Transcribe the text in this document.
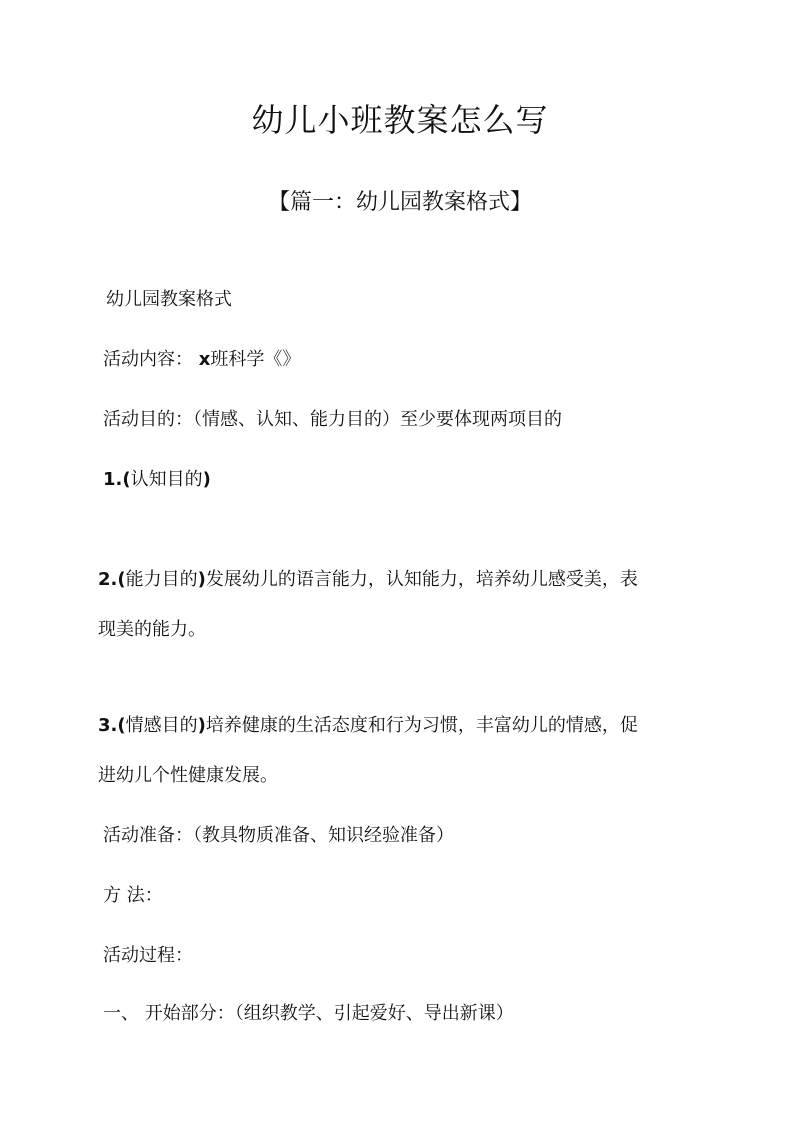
幼儿小班教案怎么写
【篇一：幼儿园教案格式】
幼儿园教案格式
活动内容： x班科学《》
活动目的：（情感、认知、能力目的）至少要体现两项目的
1.(认知目的)
2.(能力目的)发展幼儿的语言能力，认知能力，培养幼儿感受美，表
现美的能力。
3.(情感目的)培养健康的生活态度和行为习惯，丰富幼儿的情感，促
进幼儿个性健康发展。
活动准备：（教具物质准备、知识经验准备）
方 法：
活动过程：
一、 开始部分：（组织教学、引起爱好、导出新课）
